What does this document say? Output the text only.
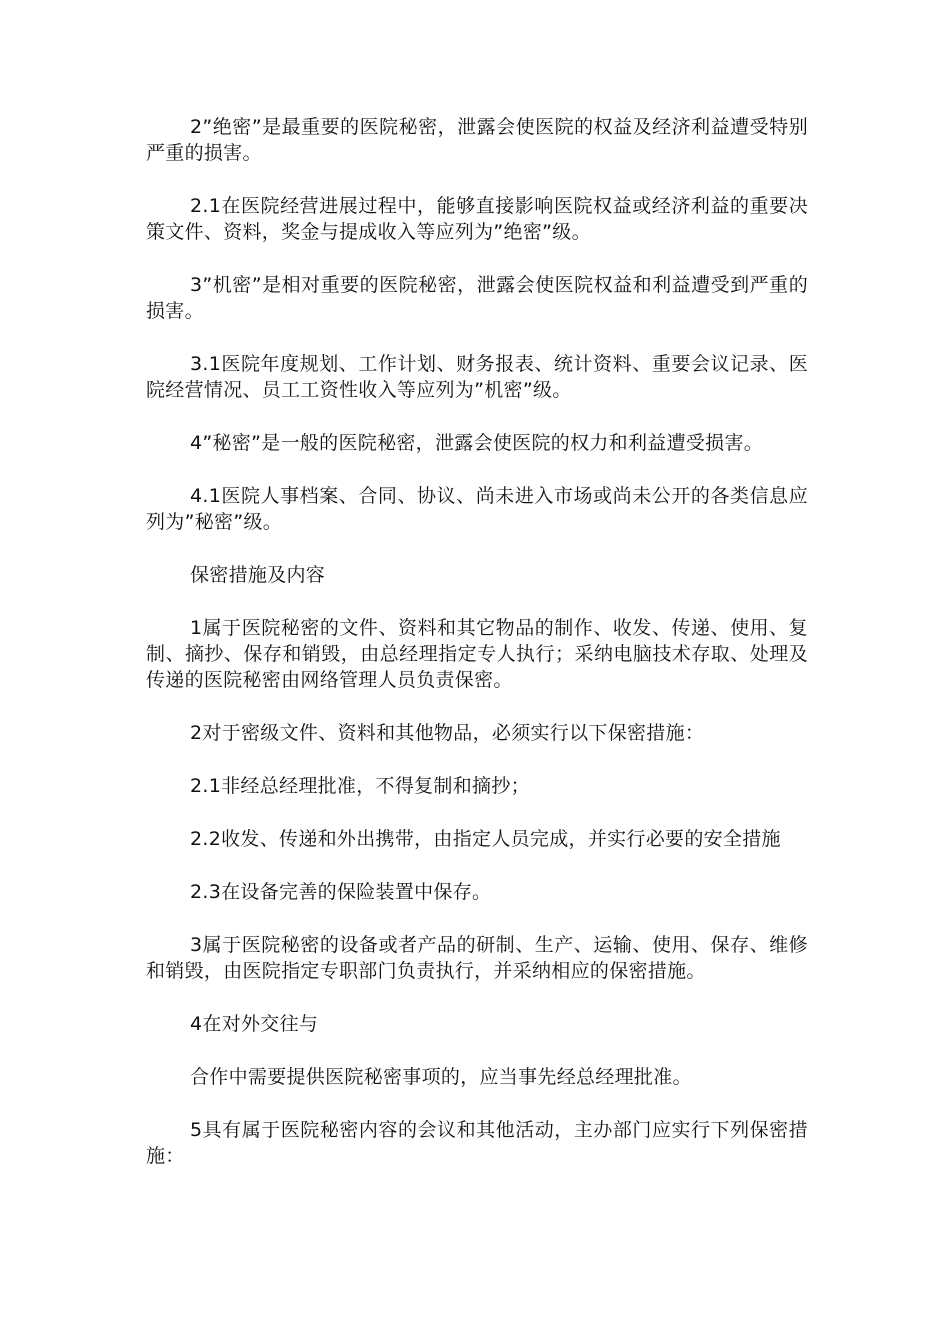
2”绝密”是最重要的医院秘密，泄露会使医院的权益及经济利益遭受特别严重的损害。

2.1在医院经营进展过程中，能够直接影响医院权益或经济利益的重要决策文件、资料，奖金与提成收入等应列为”绝密”级。

3”机密”是相对重要的医院秘密，泄露会使医院权益和利益遭受到严重的损害。

3.1医院年度规划、工作计划、财务报表、统计资料、重要会议记录、医院经营情况、员工工资性收入等应列为”机密”级。

4”秘密”是一般的医院秘密，泄露会使医院的权力和利益遭受损害。

4.1医院人事档案、合同、协议、尚未进入市场或尚未公开的各类信息应列为”秘密”级。

保密措施及内容

1属于医院秘密的文件、资料和其它物品的制作、收发、传递、使用、复制、摘抄、保存和销毁，由总经理指定专人执行；采纳电脑技术存取、处理及传递的医院秘密由网络管理人员负责保密。

2对于密级文件、资料和其他物品，必须实行以下保密措施：

2.1非经总经理批准，不得复制和摘抄；

2.2收发、传递和外出携带，由指定人员完成，并实行必要的安全措施

2.3在设备完善的保险装置中保存。

3属于医院秘密的设备或者产品的研制、生产、运输、使用、保存、维修和销毁，由医院指定专职部门负责执行，并采纳相应的保密措施。

4在对外交往与

合作中需要提供医院秘密事项的，应当事先经总经理批准。

5具有属于医院秘密内容的会议和其他活动，主办部门应实行下列保密措施：
